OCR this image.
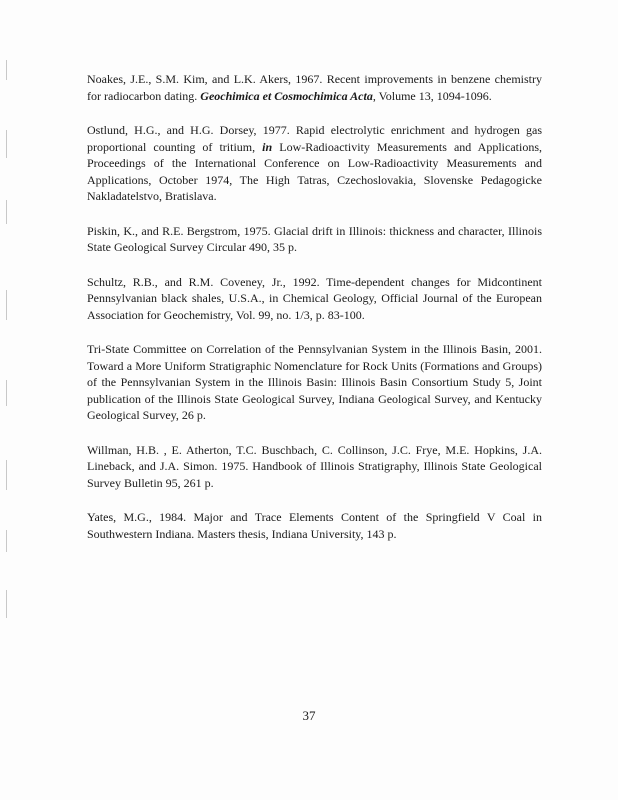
Noakes, J.E., S.M. Kim, and L.K. Akers, 1967. Recent improvements in benzene chemistry for radiocarbon dating. Geochimica et Cosmochimica Acta, Volume 13, 1094-1096.
Ostlund, H.G., and H.G. Dorsey, 1977. Rapid electrolytic enrichment and hydrogen gas proportional counting of tritium, in Low-Radioactivity Measurements and Applications, Proceedings of the International Conference on Low-Radioactivity Measurements and Applications, October 1974, The High Tatras, Czechoslovakia, Slovenske Pedagogicke Nakladatelstvo, Bratislava.
Piskin, K., and R.E. Bergstrom, 1975. Glacial drift in Illinois: thickness and character, Illinois State Geological Survey Circular 490, 35 p.
Schultz, R.B., and R.M. Coveney, Jr., 1992. Time-dependent changes for Midcontinent Pennsylvanian black shales, U.S.A., in Chemical Geology, Official Journal of the European Association for Geochemistry, Vol. 99, no. 1/3, p. 83-100.
Tri-State Committee on Correlation of the Pennsylvanian System in the Illinois Basin, 2001. Toward a More Uniform Stratigraphic Nomenclature for Rock Units (Formations and Groups) of the Pennsylvanian System in the Illinois Basin: Illinois Basin Consortium Study 5, Joint publication of the Illinois State Geological Survey, Indiana Geological Survey, and Kentucky Geological Survey, 26 p.
Willman, H.B. , E. Atherton, T.C. Buschbach, C. Collinson, J.C. Frye, M.E. Hopkins, J.A. Lineback, and J.A. Simon. 1975. Handbook of Illinois Stratigraphy, Illinois State Geological Survey Bulletin 95, 261 p.
Yates, M.G., 1984. Major and Trace Elements Content of the Springfield V Coal in Southwestern Indiana. Masters thesis, Indiana University, 143 p.
37
